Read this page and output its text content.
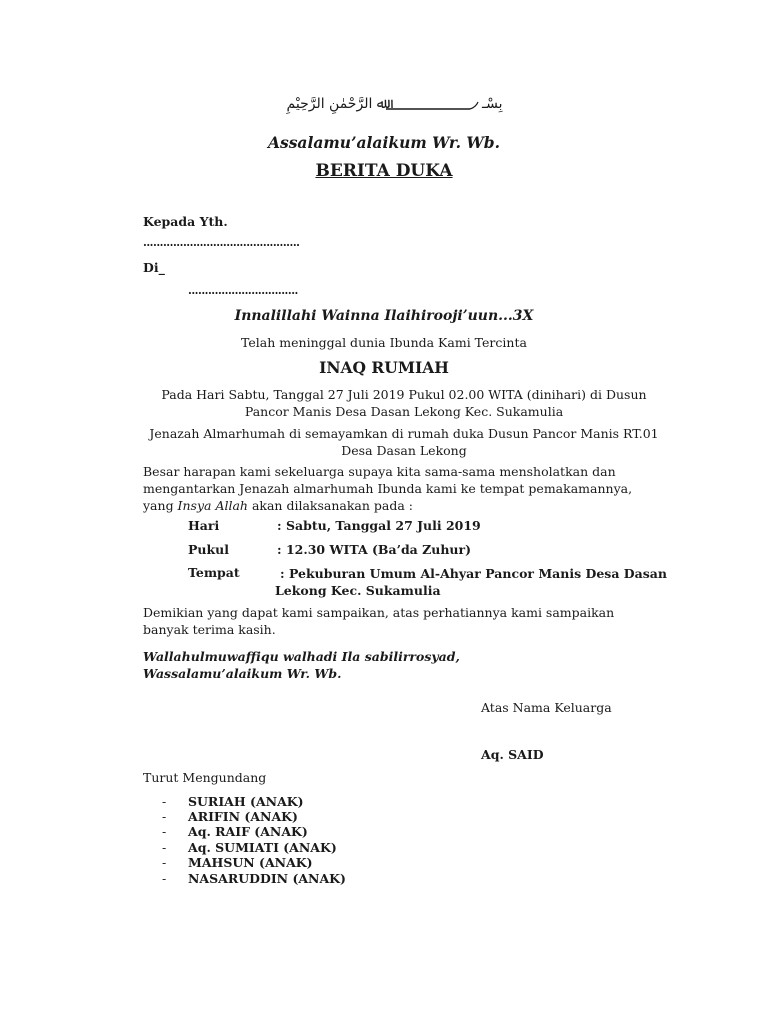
ﷲ الرَّحْمٰنِ الرَّحِيْمِ	بِسْـ
Assalamu’alaikum Wr. Wb.
BERITA DUKA
Kepada Yth.
...............................................
Di_
.................................
Innalillahi Wainna Ilaihirooji’uun...3X
Telah meninggal dunia Ibunda Kami Tercinta
INAQ RUMIAH
Pada Hari Sabtu, Tanggal 27 Juli 2019 Pukul 02.00 WITA (dinihari) di Dusun
Pancor Manis Desa Dasan Lekong Kec. Sukamulia
Jenazah Almarhumah di semayamkan di rumah duka Dusun Pancor Manis RT.01
Desa Dasan Lekong
Besar harapan kami sekeluarga supaya kita sama-sama mensholatkan dan
mengantarkan Jenazah almarhumah Ibunda kami ke tempat pemakamannya,
yang Insya Allah akan dilaksanakan pada :
Hari	: Sabtu, Tanggal 27 Juli 2019
Pukul	: 12.30 WITA (Ba’da Zuhur)
Tempat	: Pekuburan Umum Al-Ahyar Pancor Manis Desa Dasan
Lekong Kec. Sukamulia
Demikian yang dapat kami sampaikan, atas perhatiannya kami sampaikan
banyak terima kasih.
Wallahulmuwaffiqu walhadi Ila sabilirrosyad,
Wassalamu’alaikum Wr. Wb.
Atas Nama Keluarga
Aq. SAID
Turut Mengundang
- SURIAH (ANAK)
- ARIFIN (ANAK)
- Aq. RAIF (ANAK)
- Aq. SUMIATI (ANAK)
- MAHSUN (ANAK)
- NASARUDDIN (ANAK)
